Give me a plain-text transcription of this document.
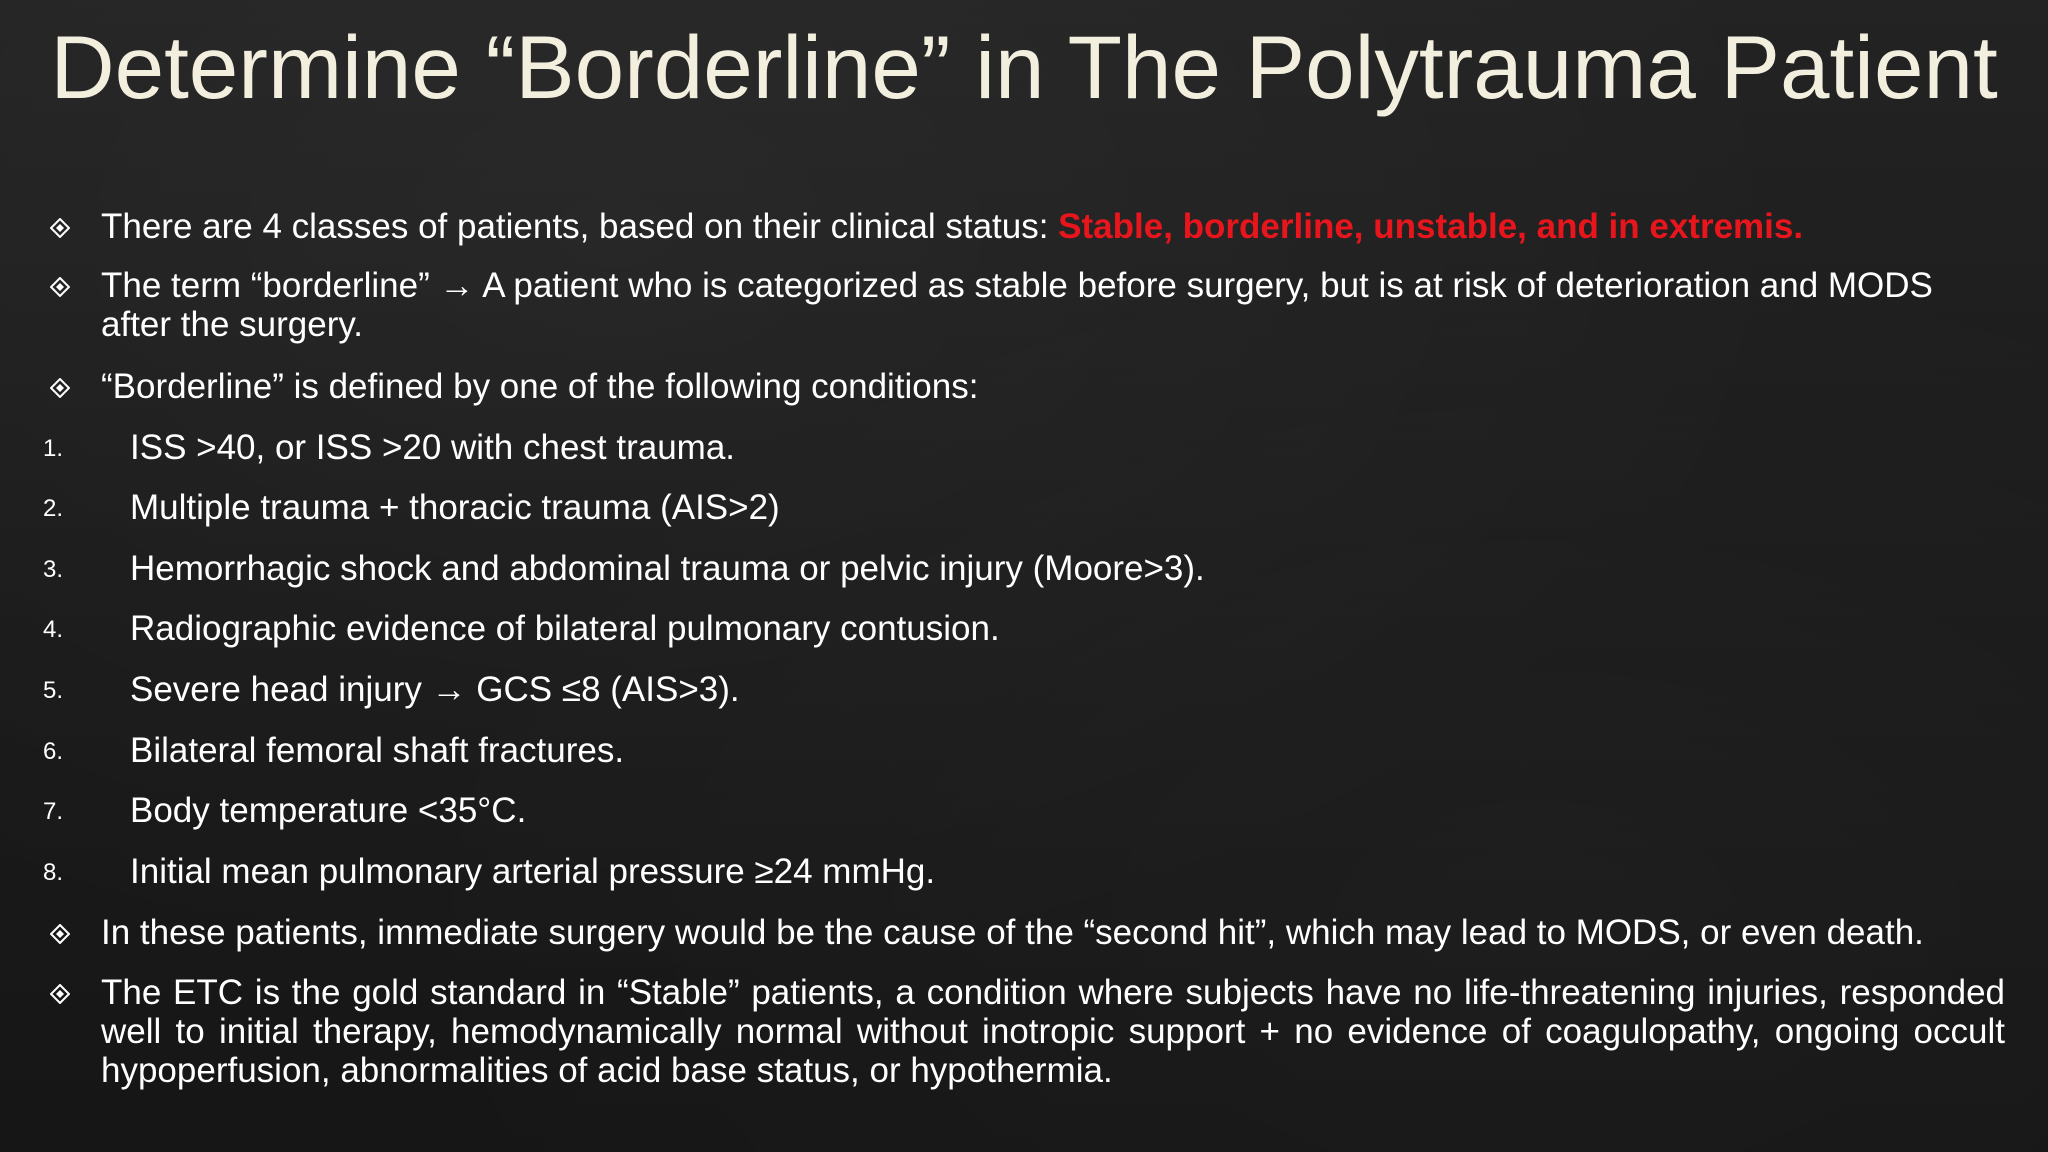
Determine “Borderline” in The Polytrauma Patient
There are 4 classes of patients, based on their clinical status: Stable, borderline, unstable, and in extremis.
The term “borderline” → A patient who is categorized as stable before surgery, but is at risk of deterioration and MODS after the surgery.
“Borderline” is defined by one of the following conditions:
1. ISS >40, or ISS >20 with chest trauma.
2. Multiple trauma + thoracic trauma (AIS>2)
3. Hemorrhagic shock and abdominal trauma or pelvic injury (Moore>3).
4. Radiographic evidence of bilateral pulmonary contusion.
5. Severe head injury → GCS ≤8 (AIS>3).
6. Bilateral femoral shaft fractures.
7. Body temperature <35°C.
8. Initial mean pulmonary arterial pressure ≥24 mmHg.
In these patients, immediate surgery would be the cause of the “second hit”, which may lead to MODS, or even death.
The ETC is the gold standard in “Stable” patients, a condition where subjects have no life-threatening injuries, responded well to initial therapy, hemodynamically normal without inotropic support + no evidence of coagulopathy, ongoing occult hypoperfusion, abnormalities of acid base status, or hypothermia.
